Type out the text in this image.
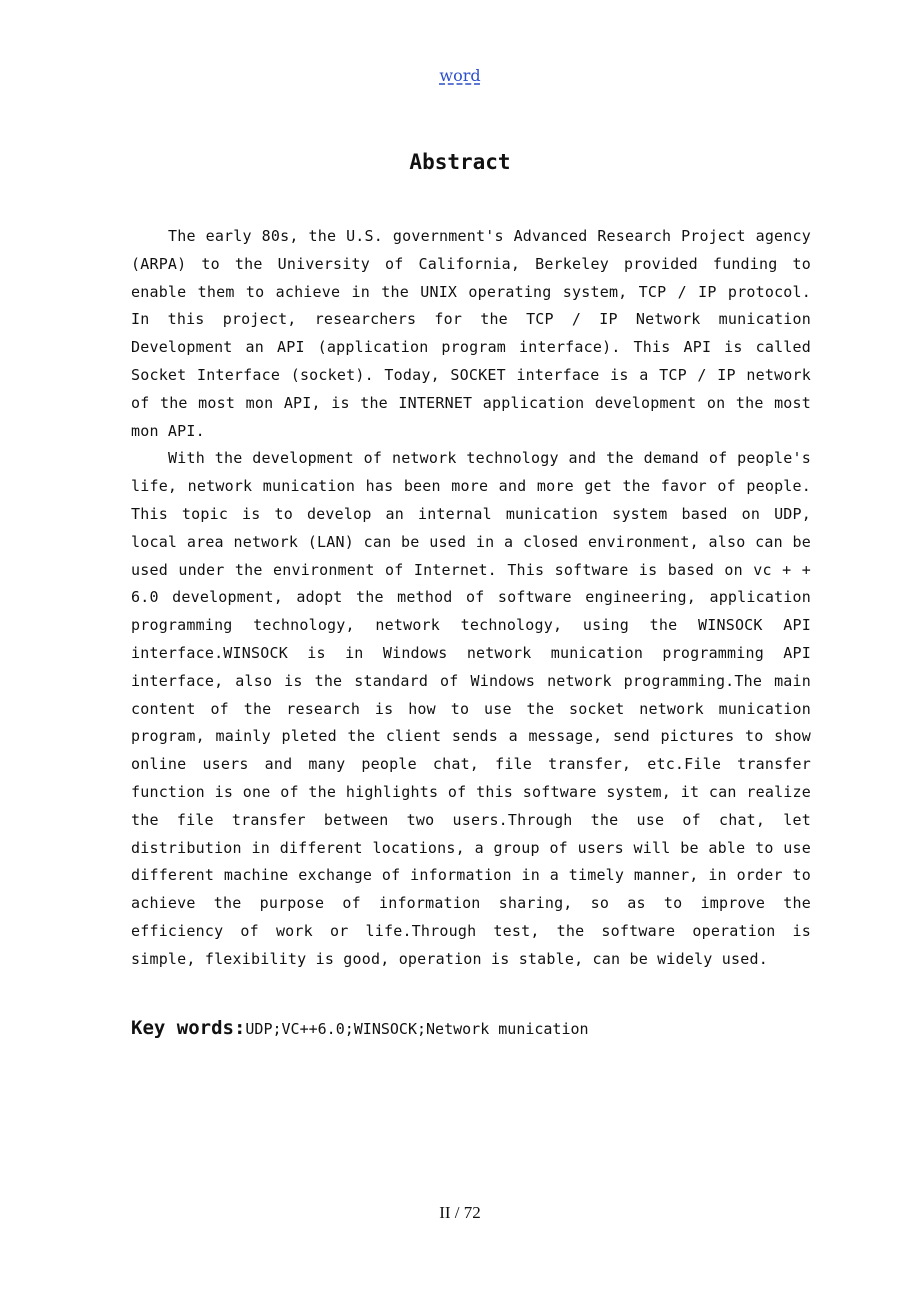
word
Abstract

The early 80s, the U.S. government's Advanced Research Project agency (ARPA) to the University of California, Berkeley provided funding to enable them to achieve in the UNIX operating system, TCP / IP protocol. In this project, researchers for the TCP / IP Network munication Development an API (application program interface). This API is called Socket Interface (socket). Today, SOCKET interface is a TCP / IP network of the most mon API, is the INTERNET application development on the most mon API.

With the development of network technology and the demand of people's life, network munication has been more and more get the favor of people. This topic is to develop an internal munication system based on UDP, local area network (LAN) can be used in a closed environment, also can be used under the environment of Internet. This software is based on vc + + 6.0 development, adopt the method of software engineering, application programming technology, network technology, using the WINSOCK API interface.WINSOCK is in Windows network munication programming API interface, also is the standard of Windows network programming.The main content of the research is how to use the socket network munication program, mainly pleted the client sends a message, send pictures to show online users and many people chat, file transfer, etc.File transfer function is one of the highlights of this software system, it can realize the file transfer between two users.Through the use of chat, let distribution in different locations, a group of users will be able to use different machine exchange of information in a timely manner, in order to achieve the purpose of information sharing, so as to improve the efficiency of work or life.Through test, the software operation is simple, flexibility is good, operation is stable, can be widely used.

Key words:UDP;VC++6.0;WINSOCK;Network munication
II / 72
